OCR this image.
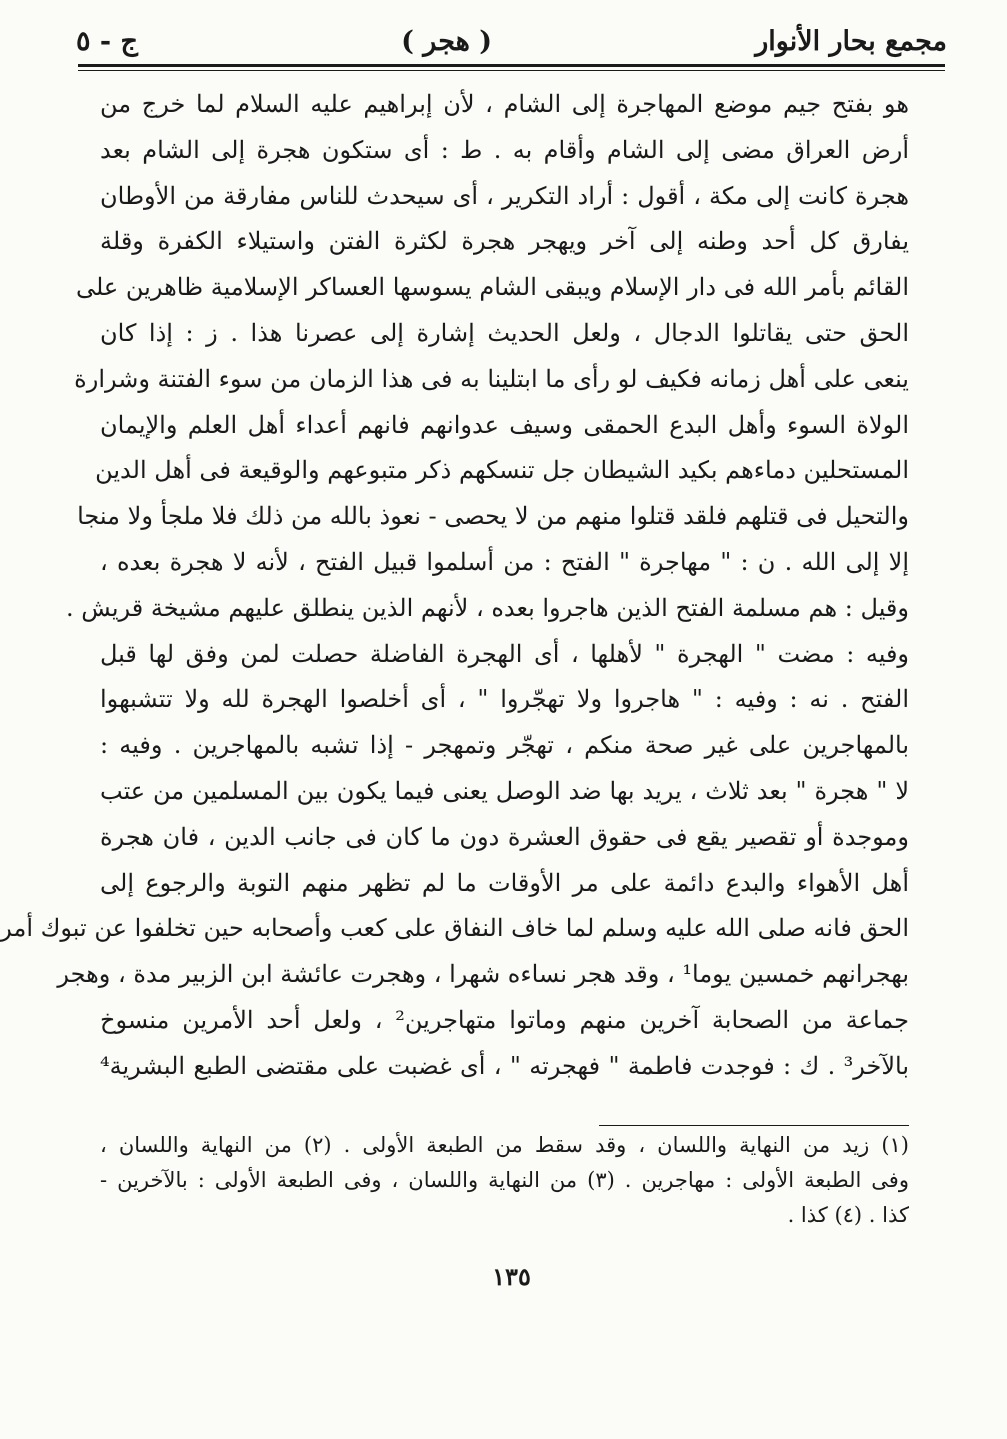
مجمع بحار الأنوار
( هجر )
ج - ٥
هو بفتح جيم موضع المهاجرة إلى الشام ، لأن إبراهيم عليه السلام لما خرج من
أرض العراق مضى إلى الشام وأقام به . ط : أى ستكون هجرة إلى الشام بعد
هجرة كانت إلى مكة ، أقول : أراد التكرير ، أى سيحدث للناس مفارقة من الأوطان
يفارق كل أحد وطنه إلى آخر ويهجر هجرة لكثرة الفتن واستيلاء الكفرة وقلة
القائم بأمر الله فى دار الإسلام ويبقى الشام يسوسها العساكر الإسلامية ظاهرين على
الحق حتى يقاتلوا الدجال ، ولعل الحديث إشارة إلى عصرنا هذا . ز : إذا كان
ينعى على أهل زمانه فكيف لو رأى ما ابتلينا به فى هذا الزمان من سوء الفتنة وشرارة
الولاة السوء وأهل البدع الحمقى وسيف عدوانهم فانهم أعداء أهل العلم والإيمان
المستحلين دماءهم بكيد الشيطان جل تنسكهم ذكر متبوعهم والوقيعة فى أهل الدين
والتحيل فى قتلهم فلقد قتلوا منهم من لا يحصى - نعوذ بالله من ذلك فلا ملجأ ولا منجا
إلا إلى الله . ن : " مهاجرة " الفتح : من أسلموا قبيل الفتح ، لأنه لا هجرة بعده ،
وقيل : هم مسلمة الفتح الذين هاجروا بعده ، لأنهم الذين ينطلق عليهم مشيخة قريش .
وفيه : مضت " الهجرة " لأهلها ، أى الهجرة الفاضلة حصلت لمن وفق لها قبل
الفتح . نه : وفيه : " هاجروا ولا تهجّروا " ، أى أخلصوا الهجرة لله ولا تتشبهوا
بالمهاجرين على غير صحة منكم ، تهجّر وتمهجر - إذا تشبه بالمهاجرين . وفيه :
لا " هجرة " بعد ثلاث ، يريد بها ضد الوصل يعنى فيما يكون بين المسلمين من عتب
وموجدة أو تقصير يقع فى حقوق العشرة دون ما كان فى جانب الدين ، فان هجرة
أهل الأهواء والبدع دائمة على مر الأوقات ما لم تظهر منهم التوبة والرجوع إلى
الحق فانه صلى الله عليه وسلم لما خاف النفاق على كعب وأصحابه حين تخلفوا عن تبوك أمر
بهجرانهم خمسين يوما¹ ، وقد هجر نساءه شهرا ، وهجرت عائشة ابن الزبير مدة ، وهجر
جماعة من الصحابة آخرين منهم وماتوا متهاجرين² ، ولعل أحد الأمرين منسوخ
بالآخر³ . ك : فوجدت فاطمة " فهجرته " ، أى غضبت على مقتضى الطبع البشرية⁴
(١) زيد من النهاية واللسان ، وقد سقط من الطبعة الأولى . (٢) من النهاية واللسان ،
وفى الطبعة الأولى : مهاجرين . (٣) من النهاية واللسان ، وفى الطبعة الأولى : بالآخرين -
كذا . (٤) كذا .
١٣٥
